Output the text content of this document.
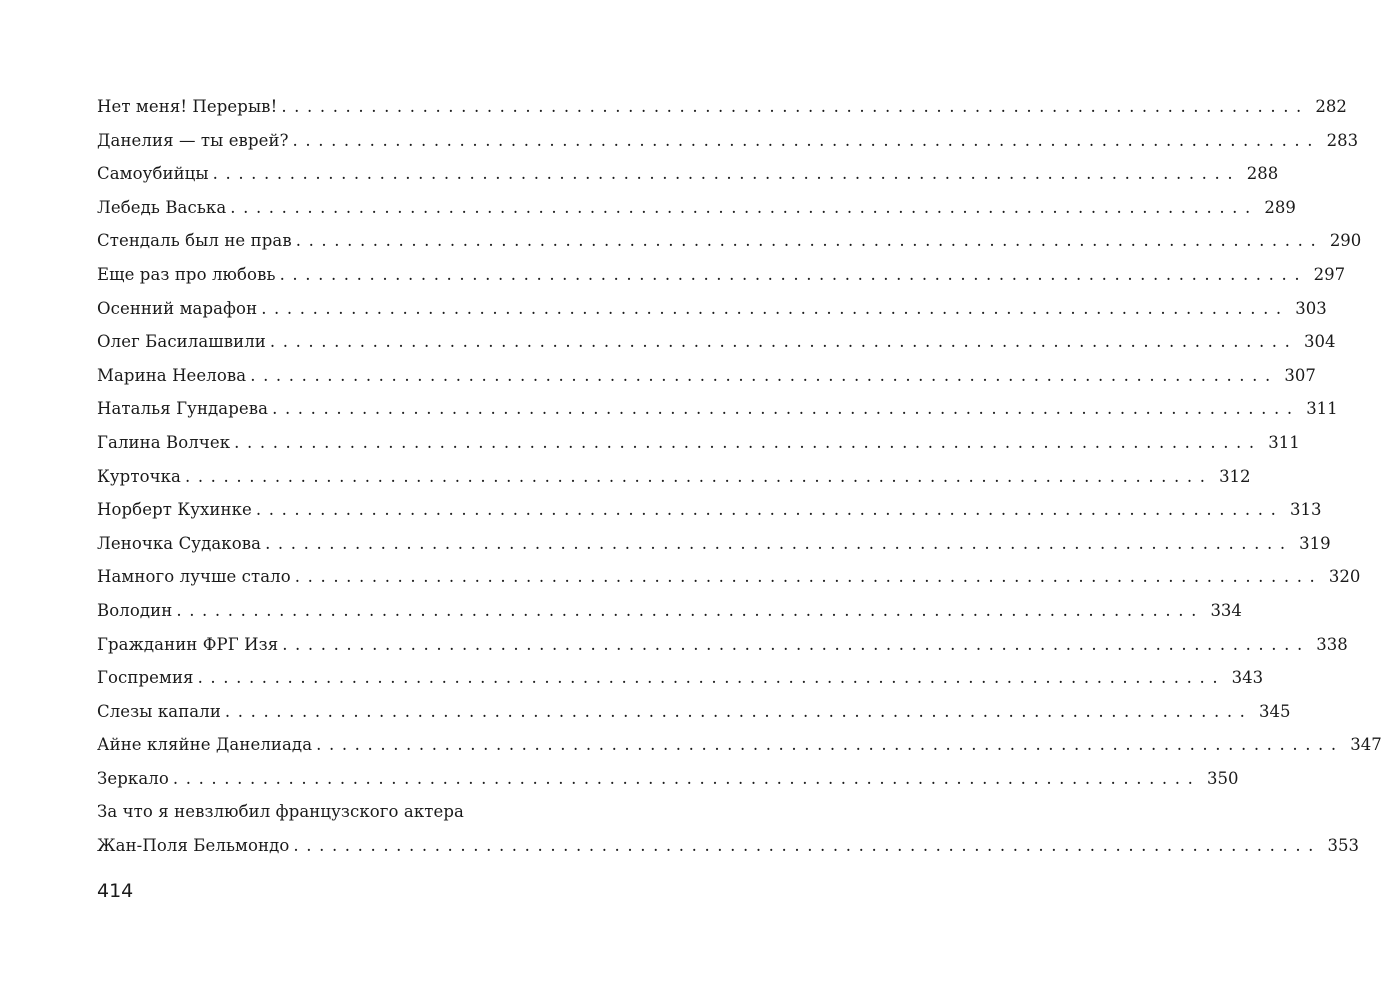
Нет меня! Перерыв! ................................................................................ 282
Данелия — ты еврей? ................................................................................ 283
Самоубийцы ................................................................................ 288
Лебедь Васька ................................................................................ 289
Стендаль был не прав ................................................................................ 290
Еще раз про любовь ................................................................................ 297
Осенний марафон ................................................................................ 303
Олег Басилашвили ................................................................................ 304
Марина Неелова ................................................................................ 307
Наталья Гундарева ................................................................................ 311
Галина Волчек ................................................................................ 311
Курточка ................................................................................ 312
Норберт Кухинке ................................................................................ 313
Леночка Судакова ................................................................................ 319
Намного лучше стало ................................................................................ 320
Володин ................................................................................ 334
Гражданин ФРГ Изя ................................................................................ 338
Госпремия ................................................................................ 343
Слезы капали ................................................................................ 345
Айне кляйне Данелиада ................................................................................ 347
Зеркало ................................................................................ 350
За что я невзлюбил французского актера
Жан-Поля Бельмондо ................................................................................ 353
414
